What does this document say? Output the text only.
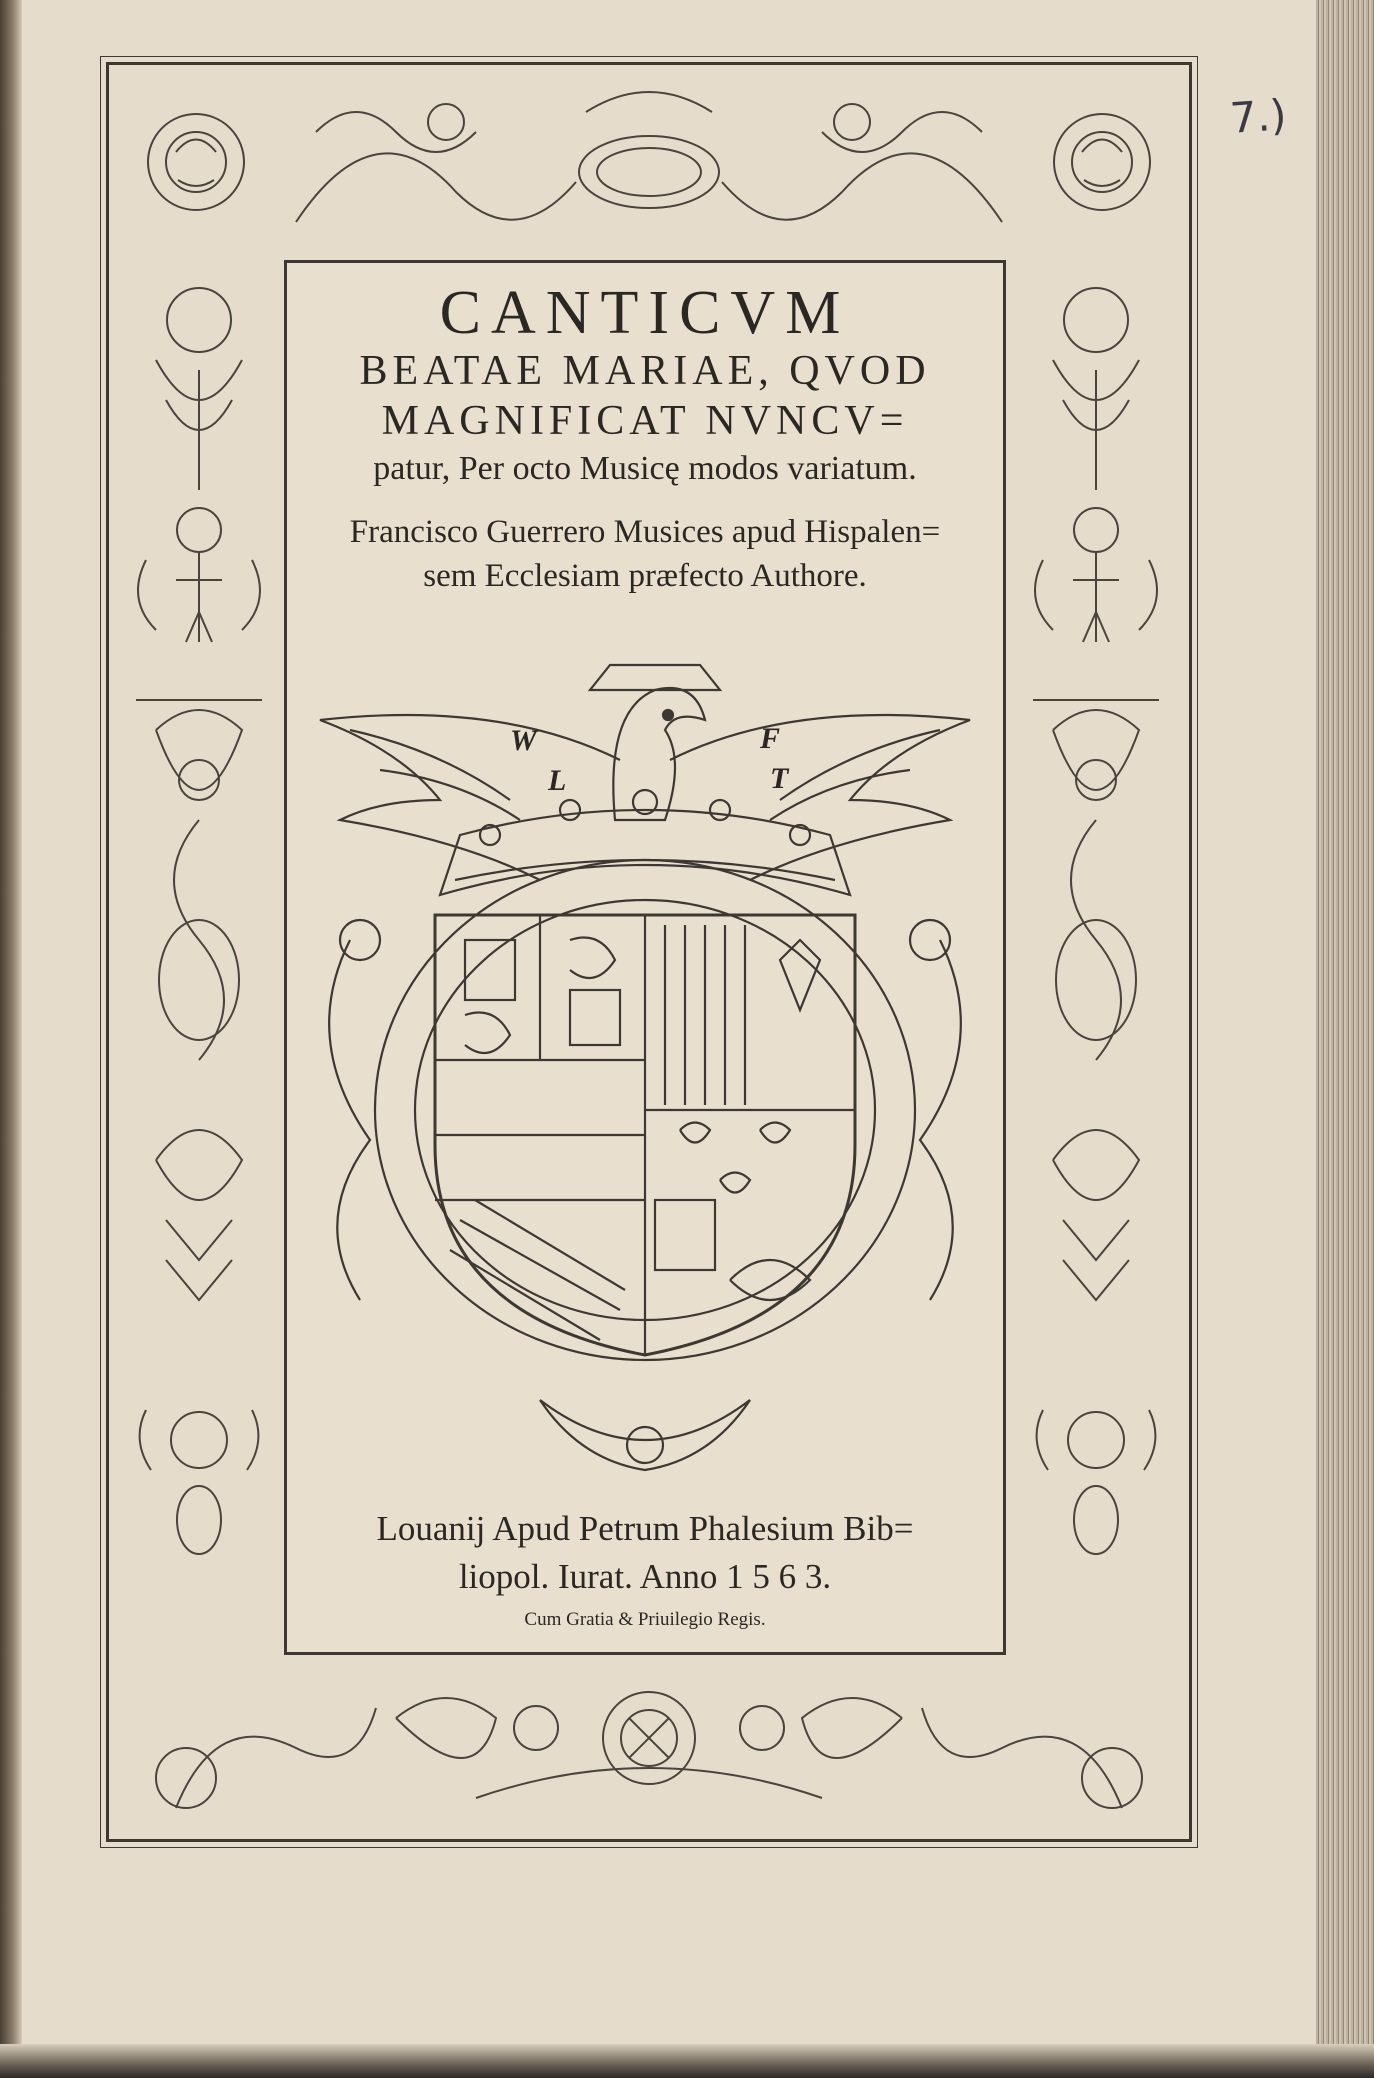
7.)
CANTICVM
BEATAE MARIAE, QVOD
MAGNIFICAT NVNCV=
patur, Per octo Musicę modos variatum.
Francisco Guerrero Musices apud Hispalen=
sem Ecclesiam præfecto Authore.
W	F
L	T
Louanij Apud Petrum Phalesium Bib=
liopol. Iurat. Anno 1 5 6 3.
Cum Gratia & Priuilegio Regis.
